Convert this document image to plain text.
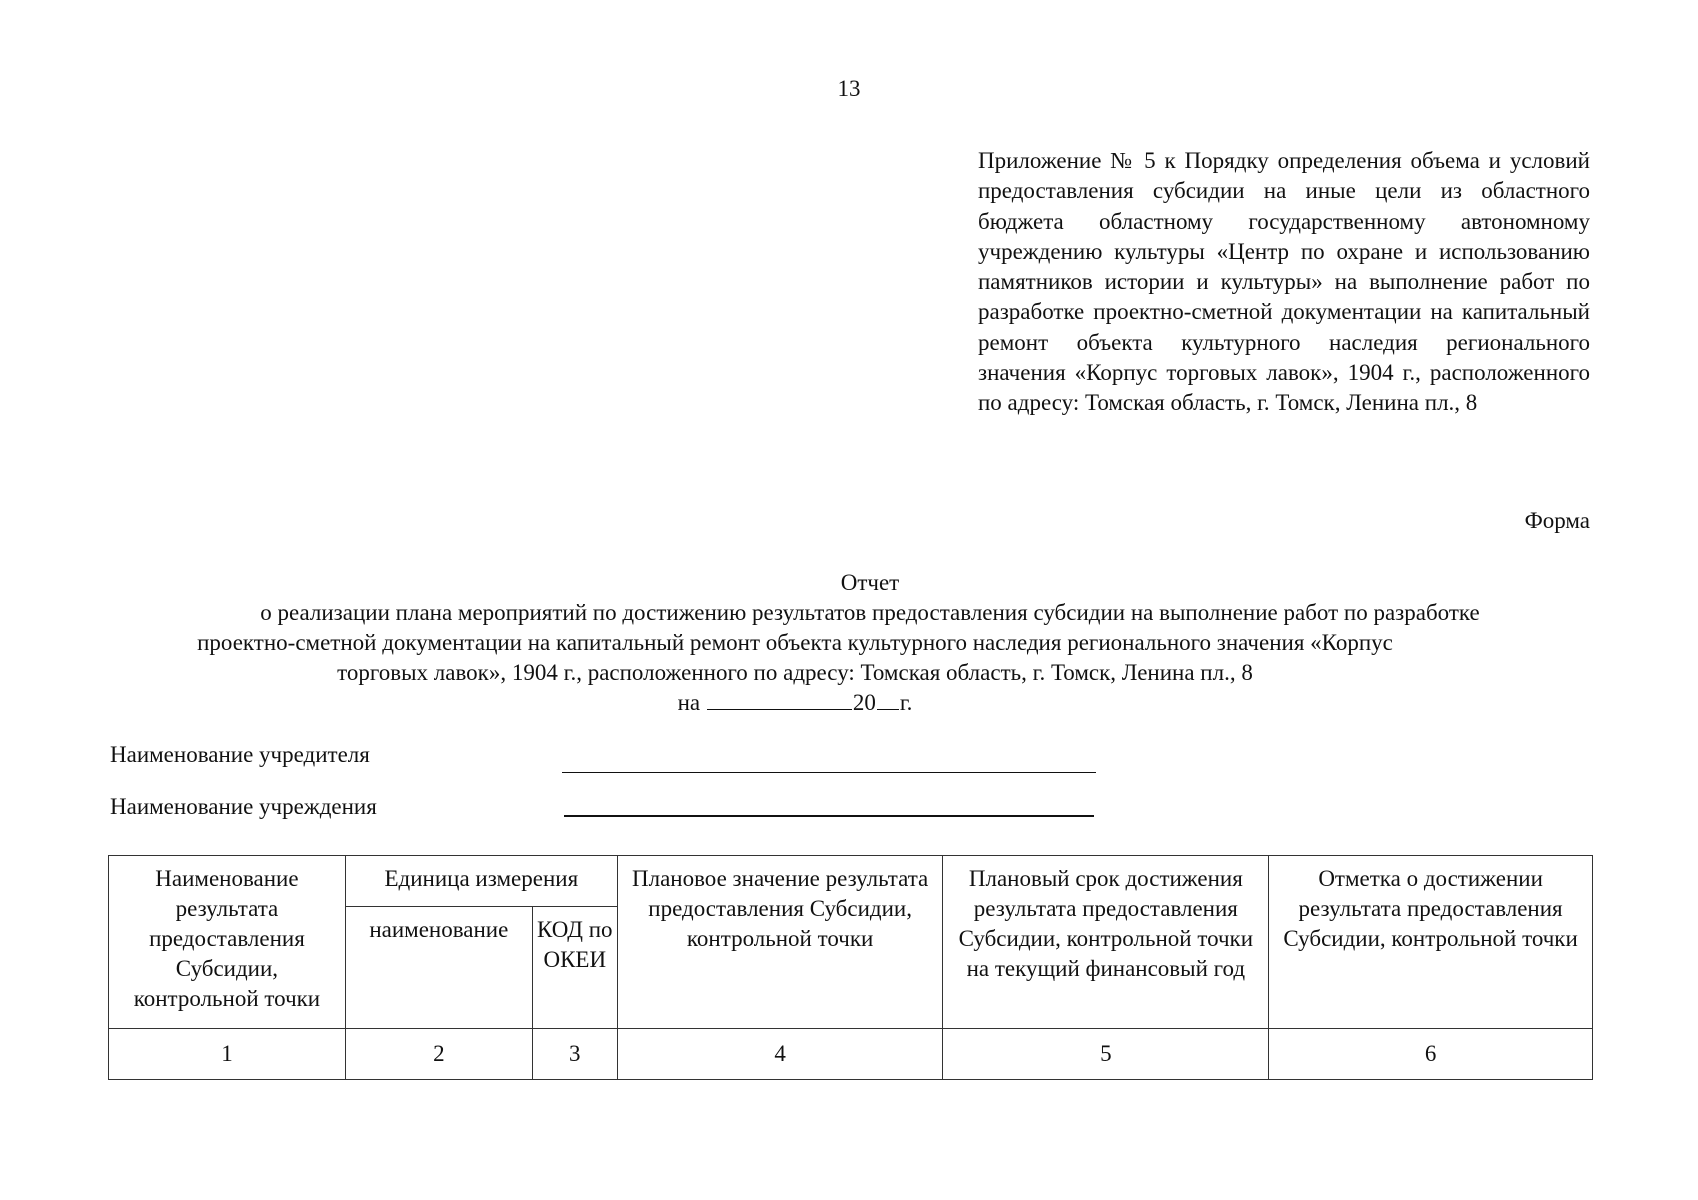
13
Приложение № 5 к Порядку определения объема и условий предоставления субсидии на иные цели из областного бюджета областному государственному автономному учреждению культуры «Центр по охране и использованию памятников истории и культуры» на выполнение работ по разработке проектно-сметной документации на капитальный ремонт объекта культурного наследия регионального значения «Корпус торговых лавок», 1904 г., расположенного по адресу: Томская область, г. Томск, Ленина пл., 8
Форма
Отчет
о реализации плана мероприятий по достижению результатов предоставления субсидии на выполнение работ по разработке
проектно-сметной документации на капитальный ремонт объекта культурного наследия регионального значения «Корпус
торговых лавок», 1904 г., расположенного по адресу: Томская область, г. Томск, Ленина пл., 8
на	20 г.
Наименование учредителя
Наименование учреждения
Наименование результата предоставления Субсидии, контрольной точки	Единица измерения		Плановое значение результата предоставления Субсидии, контрольной точки	Плановый срок достижения результата предоставления Субсидии, контрольной точки на текущий финансовый год	Отметка о достижении результата предоставления Субсидии, контрольной точки
	наименование	КОД по ОКЕИ			
1	2	3	4	5	6
